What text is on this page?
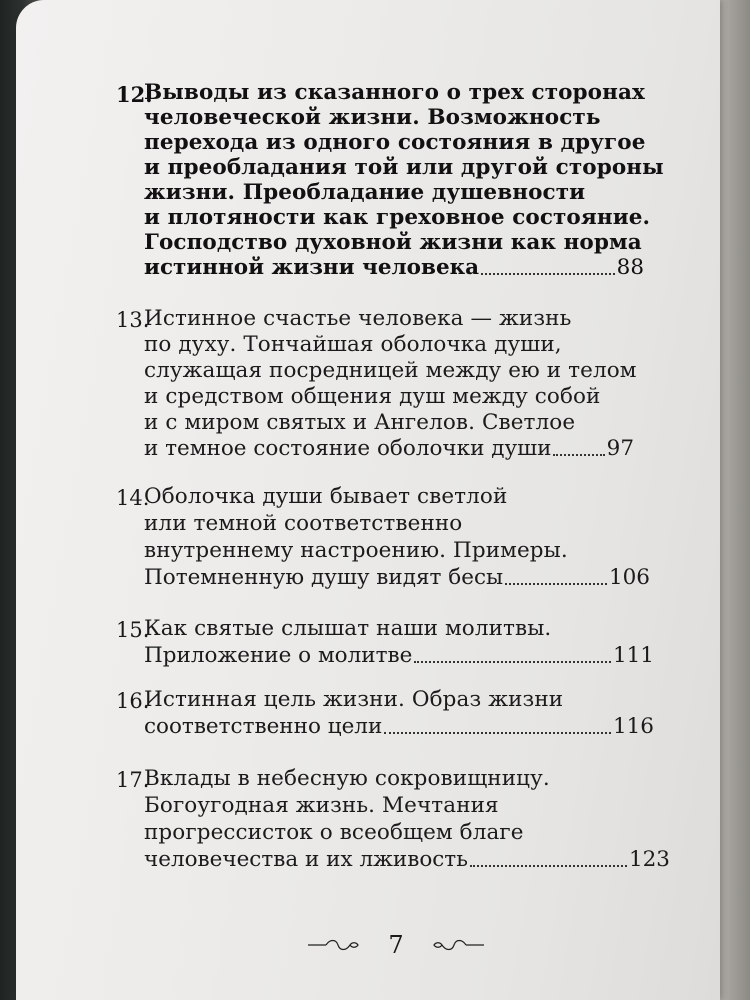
12.
Выводы из сказанного о трех сторонах
человеческой жизни. Возможность
перехода из одного состояния в другое
и преобладания той или другой стороны
жизни. Преобладание душевности
и плотяности как греховное состояние.
Господство духовной жизни как норма
истинной жизни человека	88
13.
Истинное счастье человека — жизнь
по духу. Тончайшая оболочка души,
служащая посредницей между ею и телом
и средством общения душ между собой
и с миром святых и Ангелов. Светлое
и темное состояние оболочки души	97
14.
Оболочка души бывает светлой
или темной соответственно
внутреннему настроению. Примеры.
Потемненную душу видят бесы	106
15.
Как святые слышат наши молитвы.
Приложение о молитве	111
16.
Истинная цель жизни. Образ жизни
соответственно цели	116
17.
Вклады в небесную сокровищницу.
Богоугодная жизнь. Мечтания
прогрессисток о всеобщем благе
человечества и их лживость	123
7
